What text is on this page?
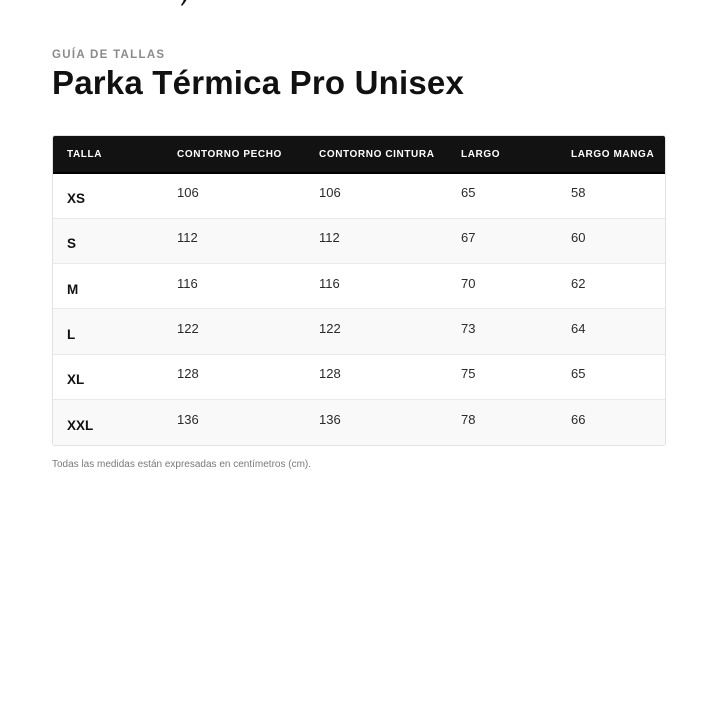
GUÍA DE TALLAS
Parka Térmica Pro Unisex
TALLA	CONTORNO PECHO	CONTORNO CINTURA	LARGO	LARGO MANGA
XS	106	106	65	58
S	112	112	67	60
M	116	116	70	62
L	122	122	73	64
XL	128	128	75	65
XXL	136	136	78	66
Todas las medidas están expresadas en centímetros (cm).
